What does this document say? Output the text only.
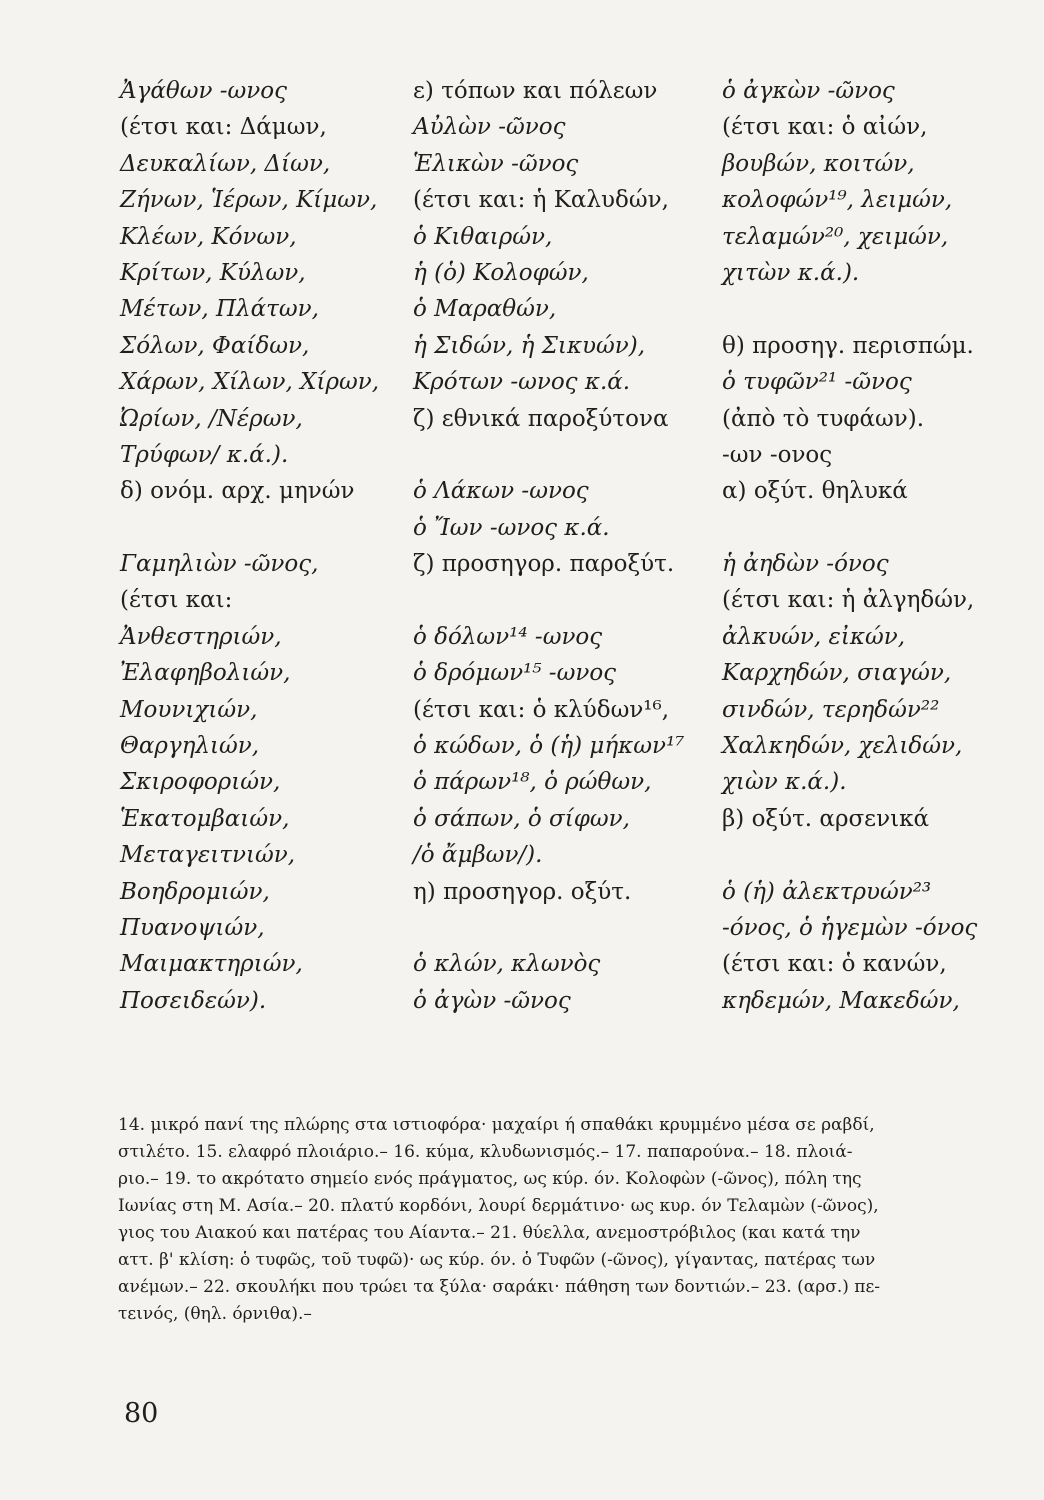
Ἀγάθων -ωνος
(έτσι και: Δάμων,
Δευκαλίων, Δίων,
Ζήνων, Ἱέρων, Κίμων,
Κλέων, Κόνων,
Κρίτων, Κύλων,
Μέτων, Πλάτων,
Σόλων, Φαίδων,
Χάρων, Χίλων, Χίρων,
Ὠρίων, /Νέρων,
Τρύφων/ κ.ά.).
δ) ονόμ. αρχ. μηνών
Γαμηλιὼν -ῶνος,
(έτσι και:
Ἀνθεστηριών,
Ἐλαφηβολιών,
Μουνιχιών,
Θαργηλιών,
Σκιροφοριών,
Ἑκατομβαιών,
Μεταγειτνιών,
Βοηδρομιών,
Πυανοψιών,
Μαιμακτηριών,
Ποσειδεών).
ε) τόπων και πόλεων
Αὐλὼν -ῶνος
Ἑλικὼν -ῶνος
(έτσι και: ἡ Καλυδών,
ὁ Κιθαιρών,
ἡ (ὁ) Κολοφών,
ὁ Μαραθών,
ἡ Σιδών, ἡ Σικυών),
Κρότων -ωνος κ.ά.
ζ) εθνικά παροξύτονα
ὁ Λάκων -ωνος
ὁ Ἴων -ωνος κ.ά.
ζ) προσηγορ. παροξύτ.
ὁ δόλων¹⁴ -ωνος
ὁ δρόμων¹⁵ -ωνος
(έτσι και: ὁ κλύδων¹⁶,
ὁ κώδων, ὁ (ἡ) μήκων¹⁷
ὁ πάρων¹⁸, ὁ ρώθων,
ὁ σάπων, ὁ σίφων,
/ὁ ἄμβων/).
η) προσηγορ. οξύτ.
ὁ κλών, κλωνὸς
ὁ ἀγὼν -ῶνος
ὁ ἀγκὼν -ῶνος
(έτσι και: ὁ αἰών,
βουβών, κοιτών,
κολοφών¹⁹, λειμών,
τελαμών²⁰, χειμών,
χιτὼν κ.ά.).
θ) προσηγ. περισπώμ.
ὁ τυφῶν²¹ -ῶνος
(ἀπὸ τὸ τυφάων).
-ων -ονος
α) οξύτ. θηλυκά
ἡ ἀηδὼν -όνος
(έτσι και: ἡ ἀλγηδών,
ἀλκυών, εἰκών,
Καρχηδών, σιαγών,
σινδών, τερηδών²²
Χαλκηδών, χελιδών,
χιὼν κ.ά.).
β) οξύτ. αρσενικά
ὁ (ἡ) ἀλεκτρυών²³
-όνος, ὁ ἡγεμὼν -όνος
(έτσι και: ὁ κανών,
κηδεμών, Μακεδών,
14. μικρό πανί της πλώρης στα ιστιοφόρα· μαχαίρι ή σπαθάκι κρυμμένο μέσα σε ραβδί,
στιλέτο. 15. ελαφρό πλοιάριο.– 16. κύμα, κλυδωνισμός.– 17. παπαρούνα.– 18. πλοιά-
ριο.– 19. το ακρότατο σημείο ενός πράγματος, ως κύρ. όν. Κολοφὼν (-ῶνος), πόλη της
Ιωνίας στη Μ. Ασία.– 20. πλατύ κορδόνι, λουρί δερμάτινο· ως κυρ. όν Τελαμὼν (-ῶνος),
γιος του Αιακού και πατέρας του Αίαντα.– 21. θύελλα, ανεμοστρόβιλος (και κατά την
αττ. β' κλίση: ὁ τυφῶς, τοῦ τυφῶ)· ως κύρ. όν. ὁ Τυφῶν (-ῶνος), γίγαντας, πατέρας των
ανέμων.– 22. σκουλήκι που τρώει τα ξύλα· σαράκι· πάθηση των δοντιών.– 23. (αρσ.) πε-
τεινός, (θηλ. όρνιθα).–
80
